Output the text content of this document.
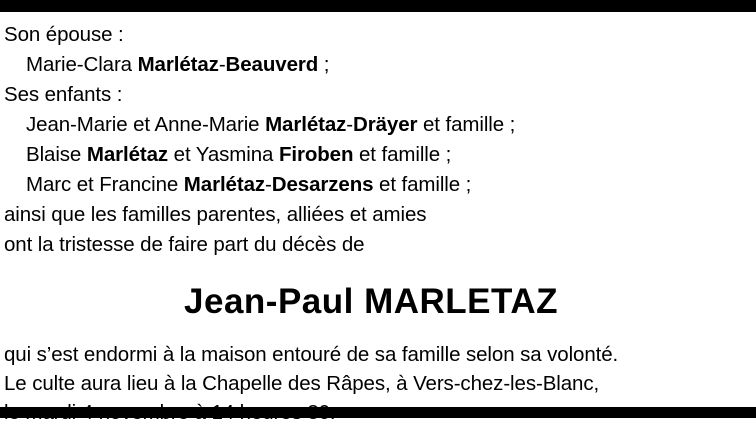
Son épouse :
Marie-Clara Marlétaz-Beauverd ;
Ses enfants :
Jean-Marie et Anne-Marie Marlétaz-Dräyer et famille ;
Blaise Marlétaz et Yasmina Firoben et famille ;
Marc et Francine Marlétaz-Desarzens et famille ;
ainsi que les familles parentes, alliées et amies
ont la tristesse de faire part du décès de
Jean-Paul MARLETAZ
qui s’est endormi à la maison entouré de sa famille selon sa volonté.
Le culte aura lieu à la Chapelle des Râpes, à Vers-chez-les-Blanc,
